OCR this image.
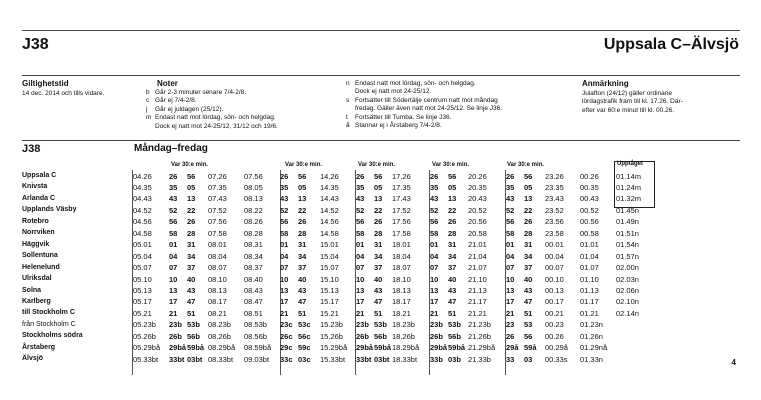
J38	Uppsala C–Älvsjö
Giltighetstid
14 dec. 2014 och tills vidare.
Noter
b Går 2-3 minuter senare 7/4-2/8.
c Går ej 7/4-2/8.
j Går ej juldagen (25/12).
m Endast natt mot lördag, sön- och helgdag.
Dock ej natt mot 24-25/12, 31/12 och 19/6.
n Endast natt mot lördag, sön- och helgdag.
Dock ej natt mot 24-25/12.
s Fortsätter till Södertälje centrum natt mot måndag
fredag. Gäller även natt mot 24-25/12. Se linje J36.
t Fortsätter till Tumba. Se linje J36.
å Stannar ej i Årstaberg 7/4-2/8.
Anmärkning
Julafton (24/12) gäller ordinarie
lördagstrafik fram till kl. 17.26. Där-
efter var 60:e minut till kl. 00.26.
J38	Måndag–fredag
Var 30:e min.	Var 30:e min.	Var 30:e min.	Var 30:e min.	Var 30:e min.	Upptåget
Uppsala C	04.26 26 56 07.26 07.56 26 56 14.26 26 56 17.26	26 56 20.26	26 56 23.26 00.26 01.14m
Knivsta	04.35 35 05 07.35 08.05 35 05 14.35 35 05 17.35	35 05 20.35	35 05 23.35 00.35 01.24m
Arlanda C	04.43 43 13 07.43 08.13 43 13 14.43 43 13 17.43	43 13 20.43	43 13 23.43 00.43 01.32m
Upplands Väsby	04.52 52 22 07.52 08.22 52 22 14.52 52 22 17.52	52 22 20.52	52 22 23.52 00.52 01.45n
Rotebro	04.56 56 26 07.56 08.26 56 26 14.56 56 26 17.56	56 26 20.56	56 26 23.56 00.56 01.49n
Norrviken	04.58 58 28 07.58 08.28 58 28 14.58 58 28 17.58	58 28 20.58	58 28 23.58 00.58 01.51n
Häggvik	05.01 01 31 08.01 08.31 01 31 15.01 01 31 18.01	01 31 21.01	01 31 00.01 01.01 01.54n
Sollentuna	05.04 04 34 08.04 08.34 04 34 15.04 04 34 18.04	04 34 21.04	04 34 00.04 01.04 01.57n
Helenelund	05.07 07 37 08.07 08.37 07 37 15.07 07 37 18.07	07 37 21.07	07 37 00.07 01.07 02.00n
Ulriksdal	05.10 10 40 08.10 08.40 10 40 15.10 10 40 18.10	10 40 21.10	10 40 00.10 01.10 02.03n
Solna	05.13 13 43 08.13 08.43 13 43 15.13 13 43 18.13	13 43 21.13	13 43 00.13 01.13 02.06n
Karlberg	05.17 17 47 08.17 08.47 17 47 15.17 17 47 18.17	17 47 21.17	17 47 00.17 01.17 02.10n
till Stockholm C	05.21 21 51 08.21 08.51 21 51 15.21 21 51 18.21	21 51 21.21	21 51 00.21 01.21 02.14n
från Stockholm C	05.23b 23b 53b 08.23b 08.53b 23c 53c 15.23b 23b 53b 18.23b 23b 53b 21.23b 23 53 00.23 01.23n
Stockholms södra	05.26b 26b 56b 08.26b 08.56b 26c 56c 15.26b 26b 56b 18.26b 26b 56b 21.26b 26 56 00.26 01.26n
Årstaberg	05.29bå 29bå 59bå 08.29bå 08.59bå 29c 59c 15.29bå 29bå 59bå 18.29bå 29bå 59bå 21.29bå 29å 59å 00.29å 01.29nå
Älvsjö	05.33bt 33bt 03bt 08.33bt 09.03bt 33c 03c 15.33bt 33bt 03bt 18.33bt 33b 03b 21.33b 33 03 00.33s 01.33n	4
